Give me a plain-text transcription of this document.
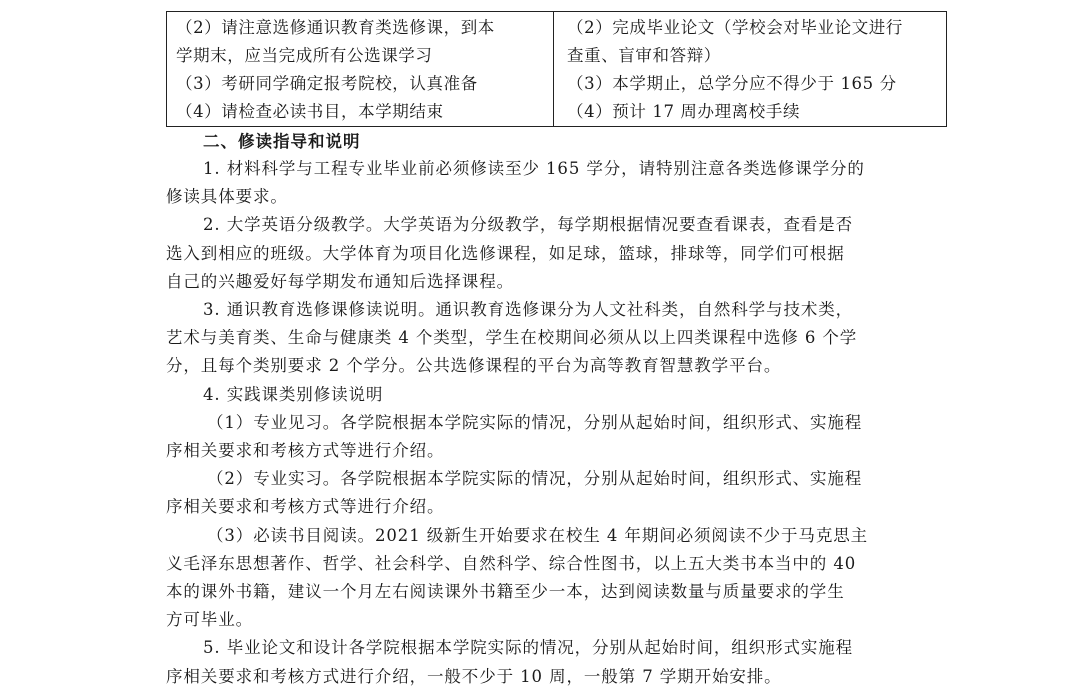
（2）请注意选修通识教育类选修课，到本
学期末，应当完成所有公选课学习
（3）考研同学确定报考院校，认真准备
（4）请检查必读书目，本学期结束

（2）完成毕业论文（学校会对毕业论文进行
查重、盲审和答辩）
（3）本学期止，总学分应不得少于 165 分
（4）预计 17 周办理离校手续
二、修读指导和说明

1. 材料科学与工程专业毕业前必须修读至少 165 学分，请特别注意各类选修课学分的
修读具体要求。

2. 大学英语分级教学。大学英语为分级教学，每学期根据情况要查看课表，查看是否
选入到相应的班级。大学体育为项目化选修课程，如足球，篮球，排球等，同学们可根据
自己的兴趣爱好每学期发布通知后选择课程。

3. 通识教育选修课修读说明。通识教育选修课分为人文社科类，自然科学与技术类，
艺术与美育类、生命与健康类 4 个类型，学生在校期间必须从以上四类课程中选修 6 个学
分，且每个类别要求 2 个学分。公共选修课程的平台为高等教育智慧教学平台。

4. 实践课类别修读说明

（1）专业见习。各学院根据本学院实际的情况，分别从起始时间，组织形式、实施程
序相关要求和考核方式等进行介绍。

（2）专业实习。各学院根据本学院实际的情况，分别从起始时间，组织形式、实施程
序相关要求和考核方式等进行介绍。

（3）必读书目阅读。2021 级新生开始要求在校生 4 年期间必须阅读不少于马克思主
义毛泽东思想著作、哲学、社会科学、自然科学、综合性图书，以上五大类书本当中的 40
本的课外书籍，建议一个月左右阅读课外书籍至少一本，达到阅读数量与质量要求的学生
方可毕业。

5. 毕业论文和设计各学院根据本学院实际的情况，分别从起始时间，组织形式实施程
序相关要求和考核方式进行介绍，一般不少于 10 周，一般第 7 学期开始安排。
